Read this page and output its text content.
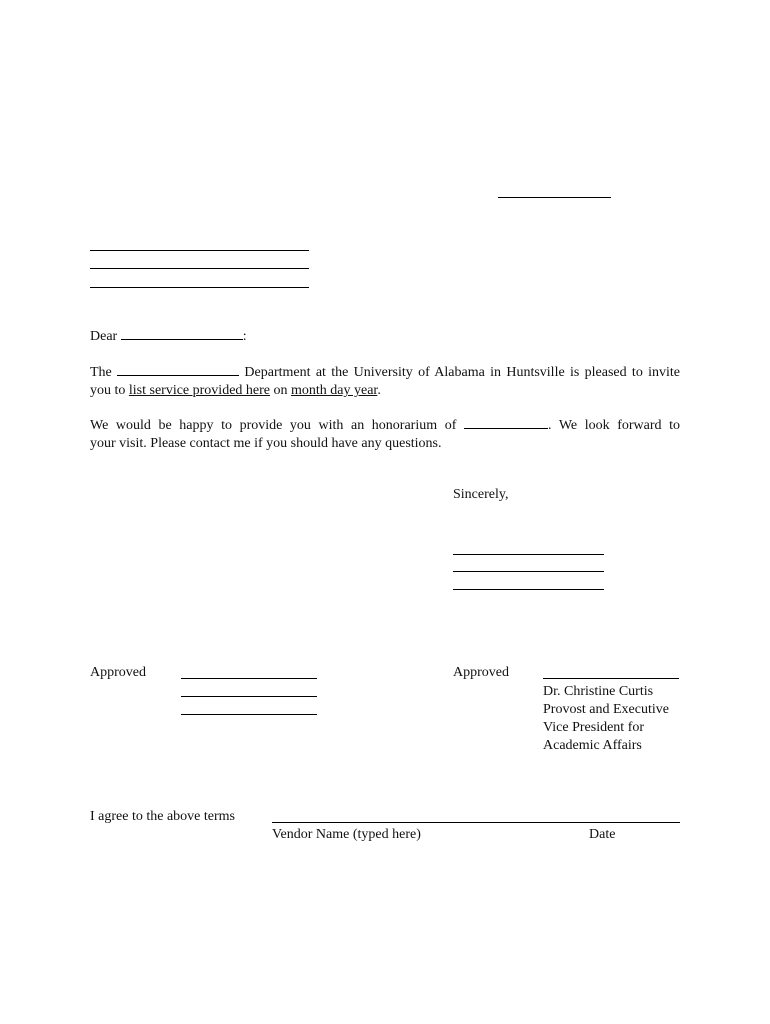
Dear	:
The	Department at the University of Alabama in Huntsville is pleased to invite
you to list service provided here on month day year.
We would be happy to provide you with an honorarium of	. We look forward to
your visit. Please contact me if you should have any questions.
Sincerely,
Approved	Approved
Dr. Christine Curtis
Provost and Executive
Vice President for
Academic Affairs
I agree to the above terms
Vendor Name (typed here)	Date
